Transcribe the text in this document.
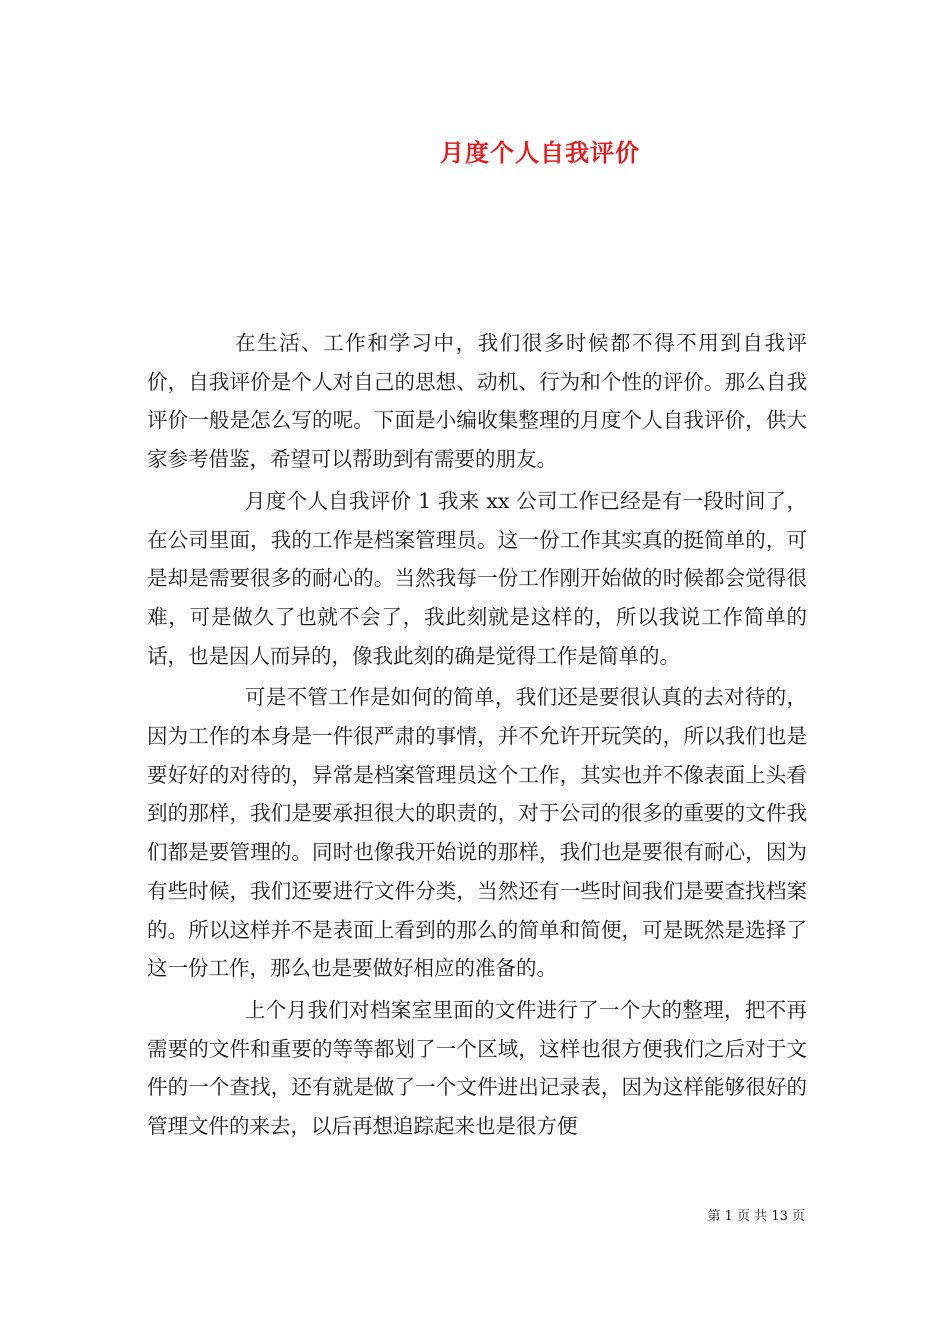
月度个人自我评价

在生活、工作和学习中，我们很多时候都不得不用到自我评价，自我评价是个人对自己的思想、动机、行为和个性的评价。那么自我评价一般是怎么写的呢。下面是小编收集整理的月度个人自我评价，供大家参考借鉴，希望可以帮助到有需要的朋友。

月度个人自我评价 1 我来 xx 公司工作已经是有一段时间了，在公司里面，我的工作是档案管理员。这一份工作其实真的挺简单的，可是却是需要很多的耐心的。当然我每一份工作刚开始做的时候都会觉得很难，可是做久了也就不会了，我此刻就是这样的，所以我说工作简单的话，也是因人而异的，像我此刻的确是觉得工作是简单的。

可是不管工作是如何的简单，我们还是要很认真的去对待的，因为工作的本身是一件很严肃的事情，并不允许开玩笑的，所以我们也是要好好的对待的，异常是档案管理员这个工作，其实也并不像表面上头看到的那样，我们是要承担很大的职责的，对于公司的很多的重要的文件我们都是要管理的。同时也像我开始说的那样，我们也是要很有耐心，因为有些时候，我们还要进行文件分类，当然还有一些时间我们是要查找档案的。所以这样并不是表面上看到的那么的简单和简便，可是既然是选择了这一份工作，那么也是要做好相应的准备的。

上个月我们对档案室里面的文件进行了一个大的整理，把不再需要的文件和重要的等等都划了一个区域，这样也很方便我们之后对于文件的一个查找，还有就是做了一个文件进出记录表，因为这样能够很好的管理文件的来去，以后再想追踪起来也是很方便

第 1 页 共 13 页
